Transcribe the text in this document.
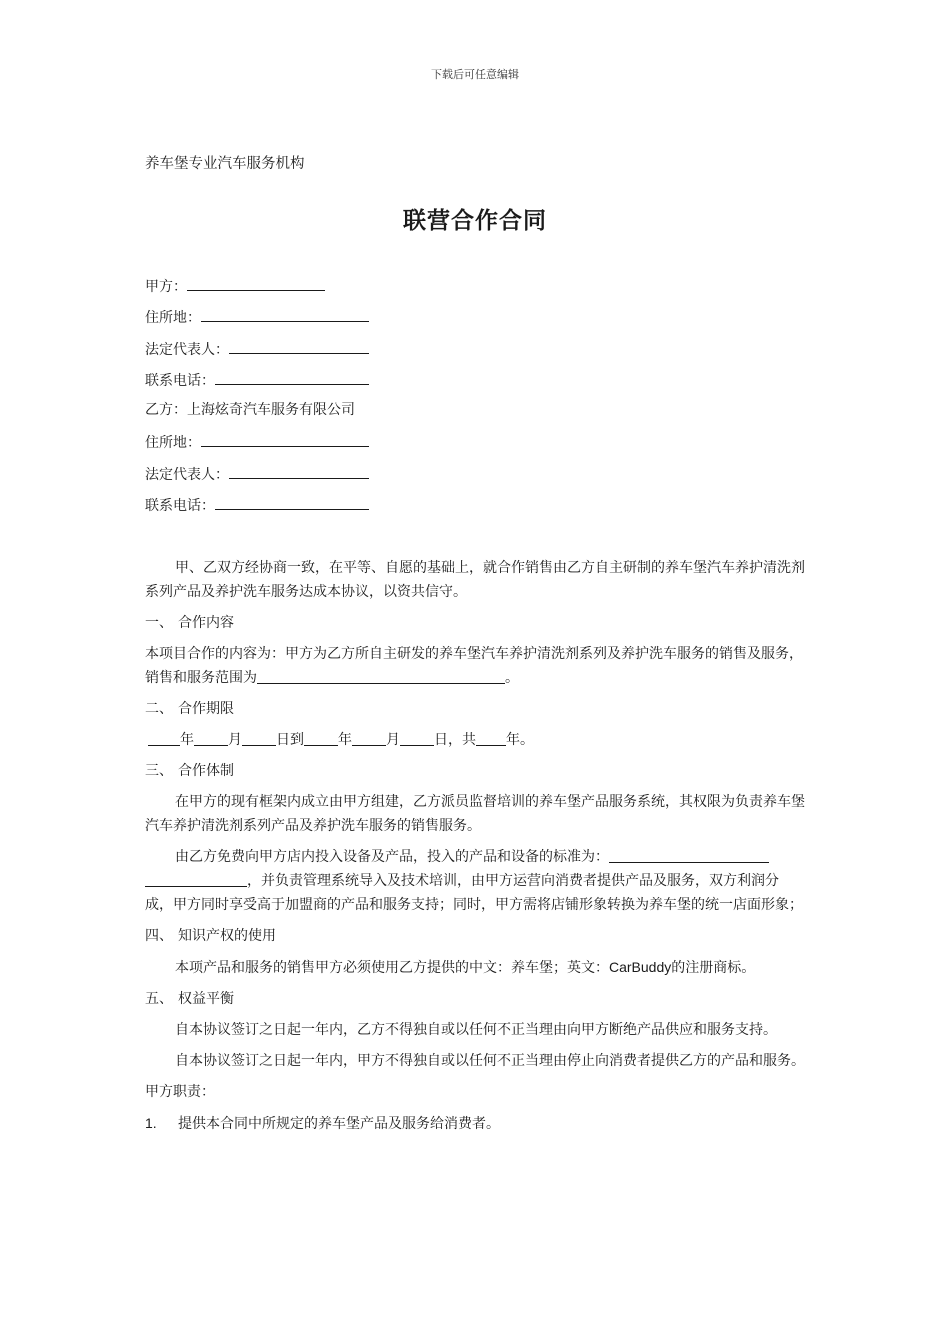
下载后可任意编辑
养车堡专业汽车服务机构
联营合作合同
甲方：
住所地：
法定代表人：
联系电话：
乙方：上海炫奇汽车服务有限公司
住所地：
法定代表人：
联系电话：

甲、乙双方经协商一致，在平等、自愿的基础上，就合作销售由乙方自主研制的养车堡汽车养护清洗剂系列产品及养护洗车服务达成本协议，以资共信守。

一、 合作内容

本项目合作的内容为：甲方为乙方所自主研发的养车堡汽车养护清洗剂系列及养护洗车服务的销售及服务，销售和服务范围为	。

二、 合作期限

年 月 日到 年 月 日，共 年。

三、 合作体制

在甲方的现有框架内成立由甲方组建，乙方派员监督培训的养车堡产品服务系统，其权限为负责养车堡汽车养护清洗剂系列产品及养护洗车服务的销售服务。

由乙方免费向甲方店内投入设备及产品，投入的产品和设备的标准为：，并负责管理系统导入及技术培训，由甲方运营向消费者提供产品及服务，双方利润分成，甲方同时享受高于加盟商的产品和服务支持；同时，甲方需将店铺形象转换为养车堡的统一店面形象；

四、 知识产权的使用

本项产品和服务的销售甲方必须使用乙方提供的中文：养车堡；英文：CarBuddy的注册商标。

五、 权益平衡

自本协议签订之日起一年内，乙方不得独自或以任何不正当理由向甲方断绝产品供应和服务支持。

自本协议签订之日起一年内，甲方不得独自或以任何不正当理由停止向消费者提供乙方的产品和服务。

甲方职责：

1. 提供本合同中所规定的养车堡产品及服务给消费者。
